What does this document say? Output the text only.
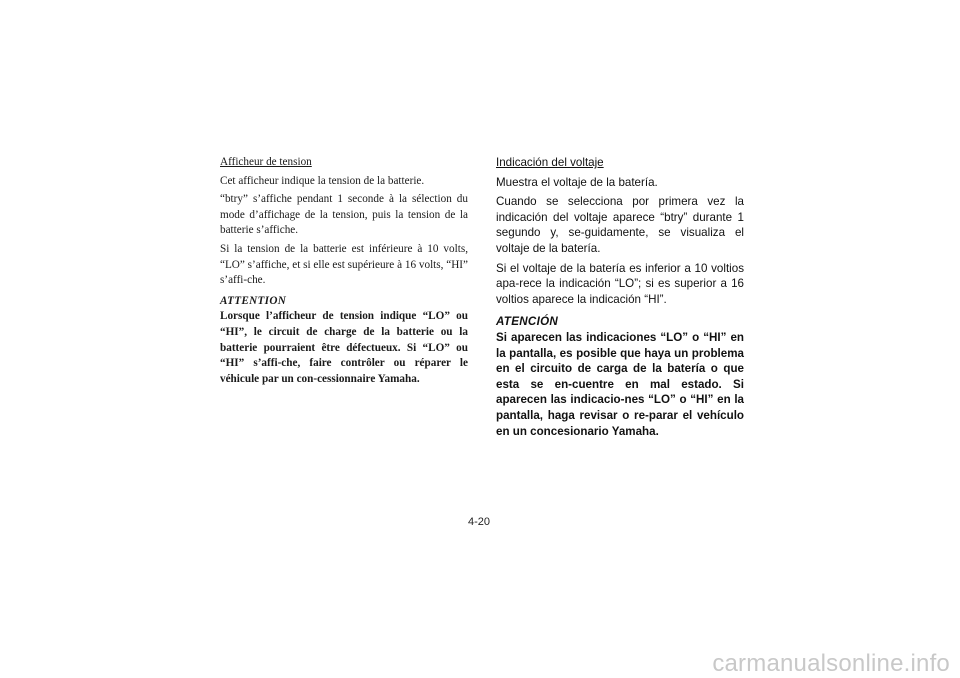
Afficheur de tension

Cet afficheur indique la tension de la batterie.

“btry” s’affiche pendant 1 seconde à la sélection du mode d’affichage de la tension, puis la tension de la batterie s’affiche.

Si la tension de la batterie est inférieure à 10 volts, “LO” s’affiche, et si elle est supérieure à 16 volts, “HI” s’affi-che.

ATTENTION
Lorsque l’afficheur de tension indique “LO” ou “HI”, le circuit de charge de la batterie ou la batterie pourraient être défectueux. Si “LO” ou “HI” s’affi-che, faire contrôler ou réparer le véhicule par un con-cessionnaire Yamaha.
Indicación del voltaje

Muestra el voltaje de la batería.

Cuando se selecciona por primera vez la indicación del voltaje aparece “btry” durante 1 segundo y, se-guidamente, se visualiza el voltaje de la batería.

Si el voltaje de la batería es inferior a 10 voltios apa-rece la indicación “LO”; si es superior a 16 voltios aparece la indicación “HI”.

ATENCIÓN
Si aparecen las indicaciones “LO” o “HI” en la pantalla, es posible que haya un problema en el circuito de carga de la batería o que esta se en-cuentre en mal estado. Si aparecen las indicacio-nes “LO” o “HI” en la pantalla, haga revisar o re-parar el vehículo en un concesionario Yamaha.
4-20
carmanualsonline.info
